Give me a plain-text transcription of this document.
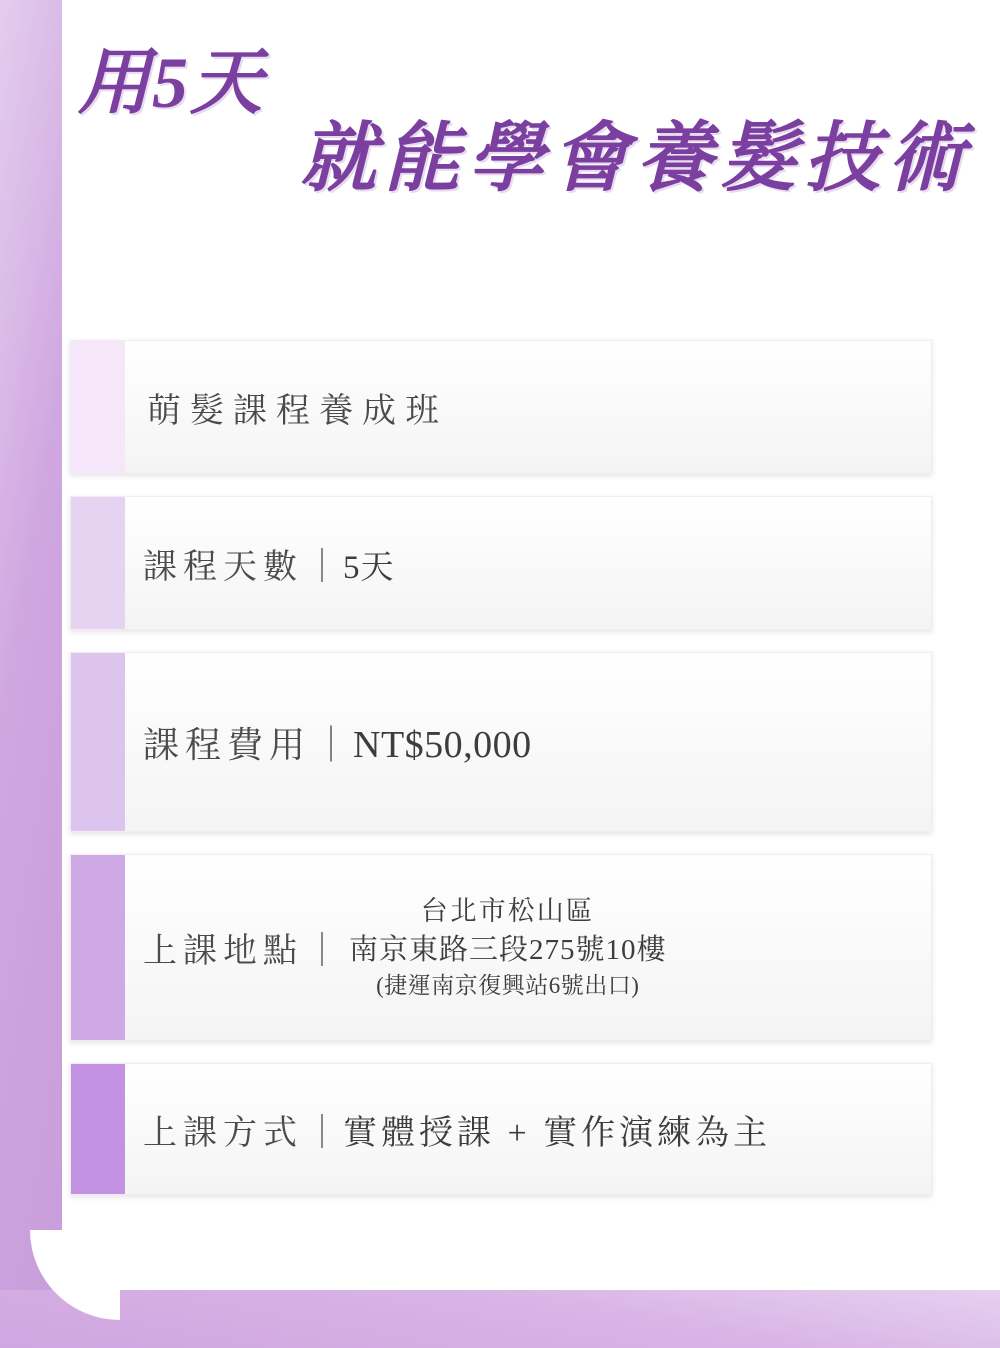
用5天
就能學會養髮技術
萌髮課程養成班
課程天數 ｜ 5天
課程費用 ｜ NT$50,000
上課地點 ｜
台北市松山區
南京東路三段275號10樓
(捷運南京復興站6號出口)
上課方式 ｜ 實體授課 + 實作演練為主
